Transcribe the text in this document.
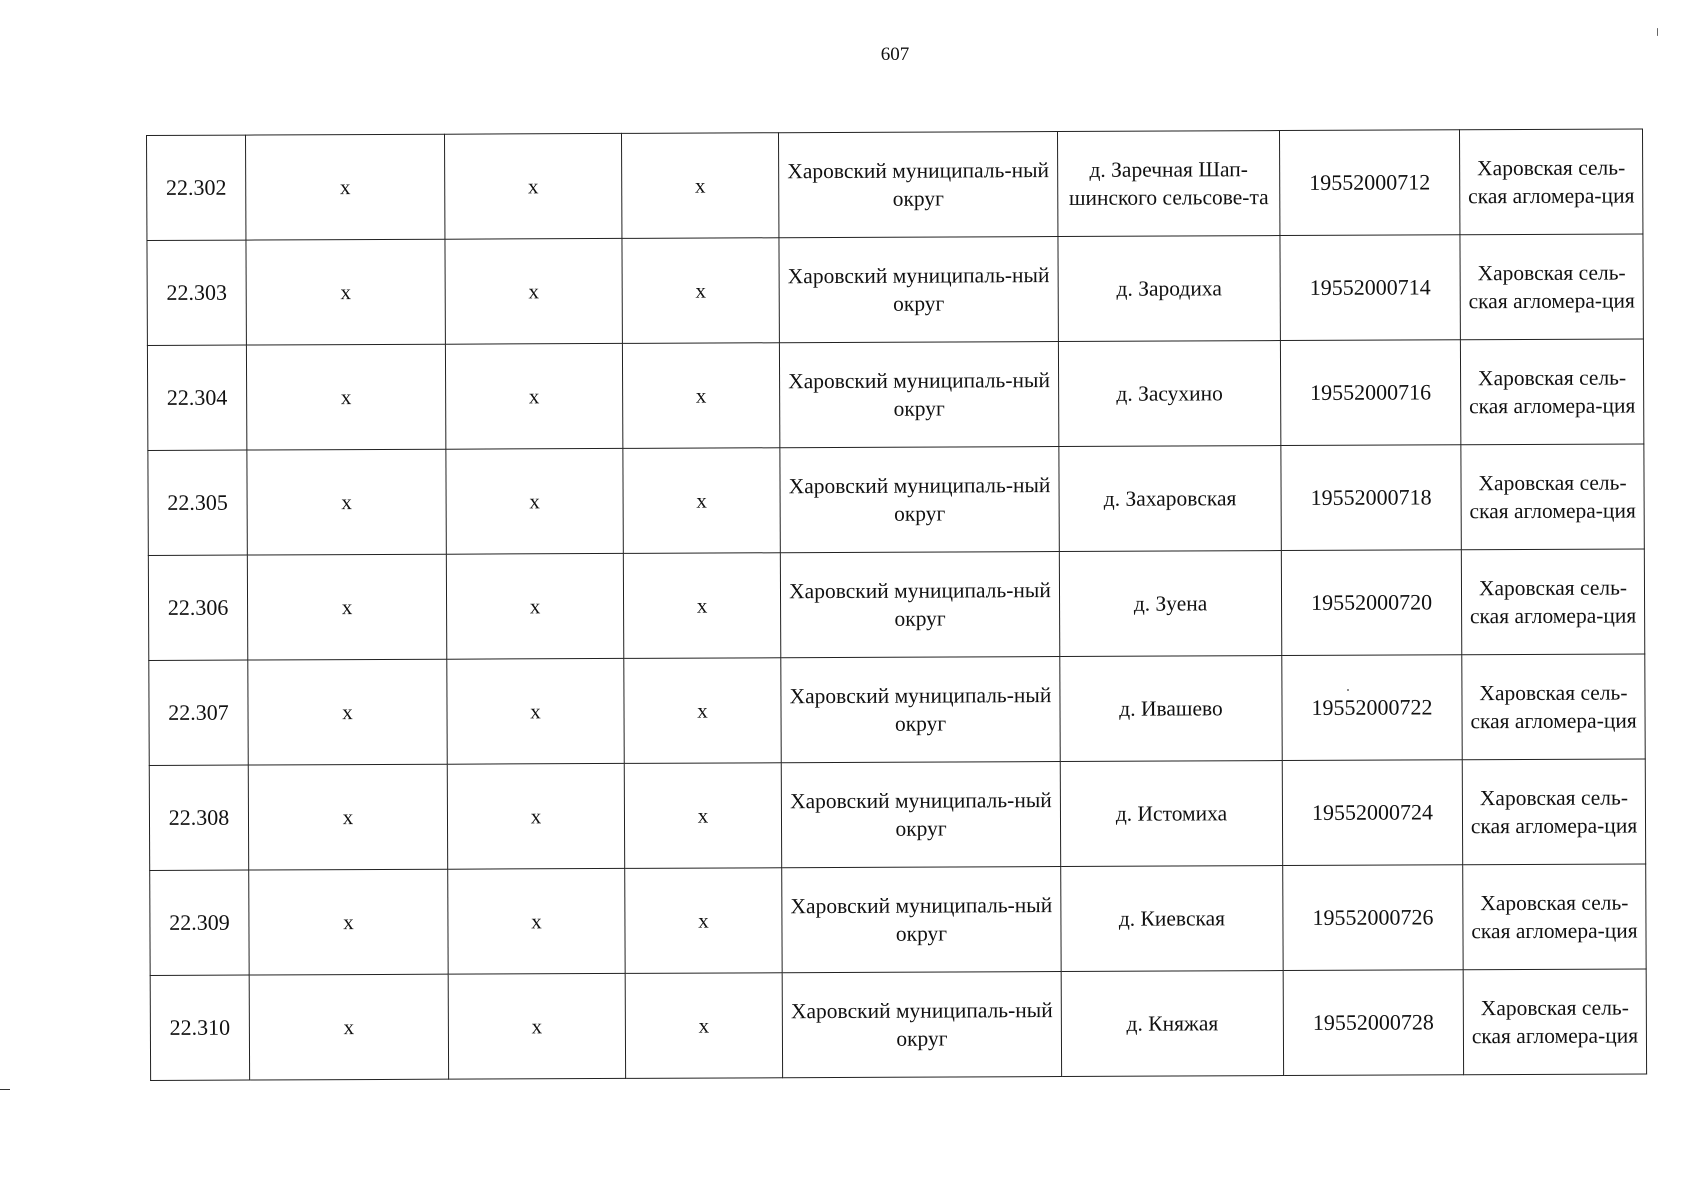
607
22.302	x	x	x	Харовский муниципаль-ный округ	д. Заречная Шап-шинского сельсове-та	19552000712	Харовская сель-ская агломера-ция
22.303	x	x	x	Харовский муниципаль-ный округ	д. Зародиха	19552000714	Харовская сель-ская агломера-ция
22.304	x	x	x	Харовский муниципаль-ный округ	д. Засухино	19552000716	Харовская сель-ская агломера-ция
22.305	x	x	x	Харовский муниципаль-ный округ	д. Захаровская	19552000718	Харовская сель-ская агломера-ция
22.306	x	x	x	Харовский муниципаль-ный округ	д. Зуена	19552000720	Харовская сель-ская агломера-ция
22.307	x	x	x	Харовский муниципаль-ный округ	д. Ивашево	19552000722	Харовская сель-ская агломера-ция
22.308	x	x	x	Харовский муниципаль-ный округ	д. Истомиха	19552000724	Харовская сель-ская агломера-ция
22.309	x	x	x	Харовский муниципаль-ный округ	д. Киевская	19552000726	Харовская сель-ская агломера-ция
22.310	x	x	x	Харовский муниципаль-ный округ	д. Княжая	19552000728	Харовская сель-ская агломера-ция
